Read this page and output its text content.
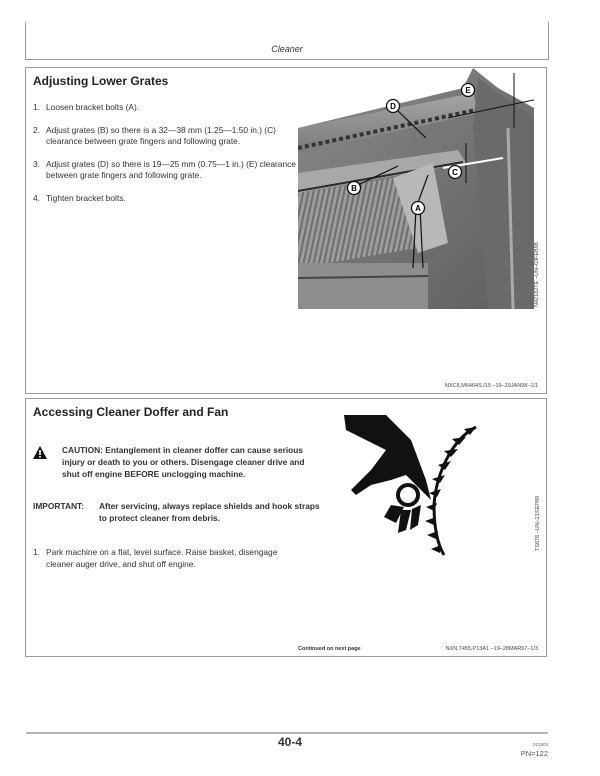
Cleaner
Adjusting Lower Grates
1. Loosen bracket bolts (A).
2. Adjust grates (B) so there is a 32—38 mm (1.25—1.50 in.) (C) clearance between grate fingers and following grate.
3. Adjust grates (D) so there is 19—25 mm (0.75—1 in.) (E) clearance between grate fingers and following grate.
4. Tighten bracket bolts.
D
E
C
B
A
N42182TE –UN–03FEB98
NXC8,M6464S,I15 –19–29JAN98–1/1
Accessing Cleaner Doffer and Fan
CAUTION: Entanglement in cleaner doffer can cause serious injury or death to you or others. Disengage cleaner drive and shut off engine BEFORE unclogging machine.
IMPORTANT: After servicing, always replace shields and hook straps to protect cleaner from debris.
1. Park machine on a flat, level surface. Raise basket, disengage cleaner auger drive, and shut off engine.
TS676 –UN–21SEP89
Continued on next page	NXN,7455,P13A1 –19–28MAR97–1/3
40-4	021803
PN=122
